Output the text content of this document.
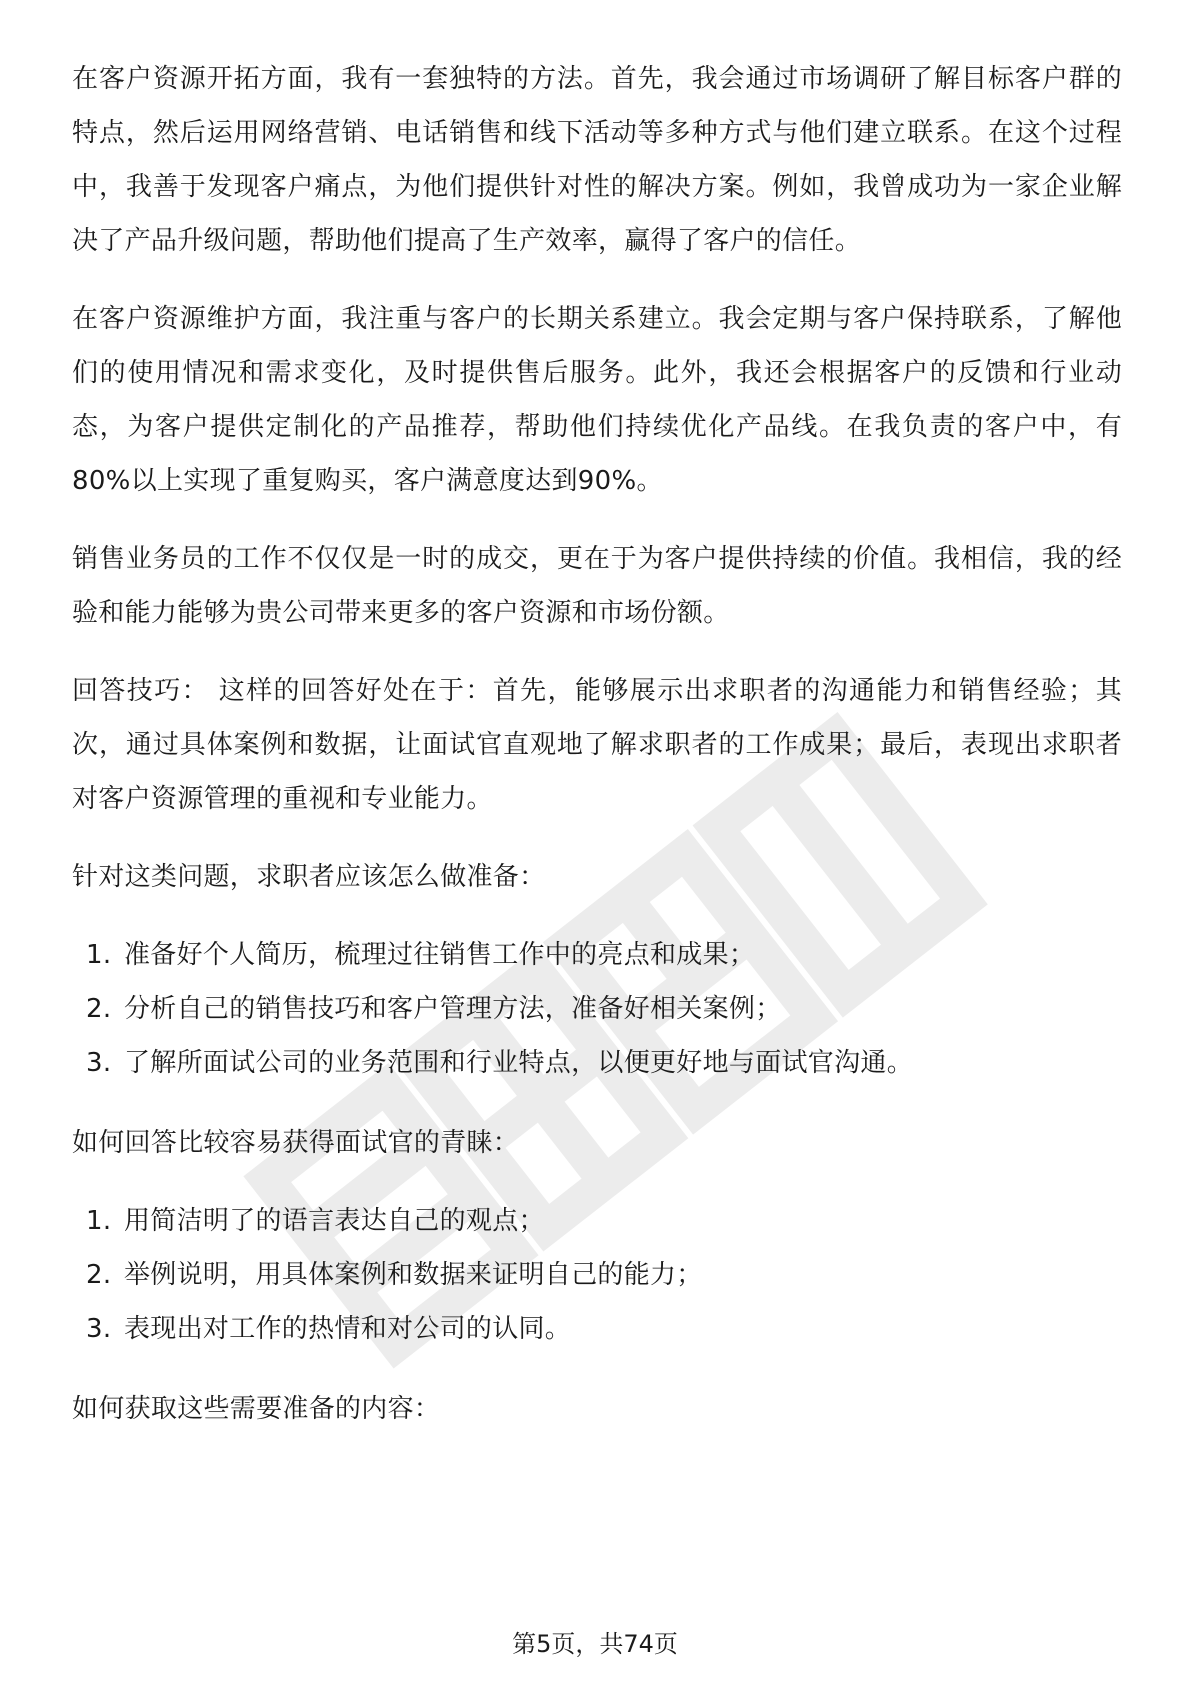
在客户资源开拓方面，我有一套独特的方法。首先，我会通过市场调研了解目标客户群的特点，然后运用网络营销、电话销售和线下活动等多种方式与他们建立联系。在这个过程中，我善于发现客户痛点，为他们提供针对性的解决方案。例如，我曾成功为一家企业解决了产品升级问题，帮助他们提高了生产效率，赢得了客户的信任。

在客户资源维护方面，我注重与客户的长期关系建立。我会定期与客户保持联系，了解他们的使用情况和需求变化，及时提供售后服务。此外，我还会根据客户的反馈和行业动态，为客户提供定制化的产品推荐，帮助他们持续优化产品线。在我负责的客户中，有80%以上实现了重复购买，客户满意度达到90%。

销售业务员的工作不仅仅是一时的成交，更在于为客户提供持续的价值。我相信，我的经验和能力能够为贵公司带来更多的客户资源和市场份额。

回答技巧： 这样的回答好处在于：首先，能够展示出求职者的沟通能力和销售经验；其次，通过具体案例和数据，让面试官直观地了解求职者的工作成果；最后，表现出求职者对客户资源管理的重视和专业能力。

针对这类问题，求职者应该怎么做准备：

1. 准备好个人简历，梳理过往销售工作中的亮点和成果；
2. 分析自己的销售技巧和客户管理方法，准备好相关案例；
3. 了解所面试公司的业务范围和行业特点，以便更好地与面试官沟通。

如何回答比较容易获得面试官的青睐：

1. 用简洁明了的语言表达自己的观点；
2. 举例说明，用具体案例和数据来证明自己的能力；
3. 表现出对工作的热情和对公司的认同。

如何获取这些需要准备的内容：

第5页，共74页
